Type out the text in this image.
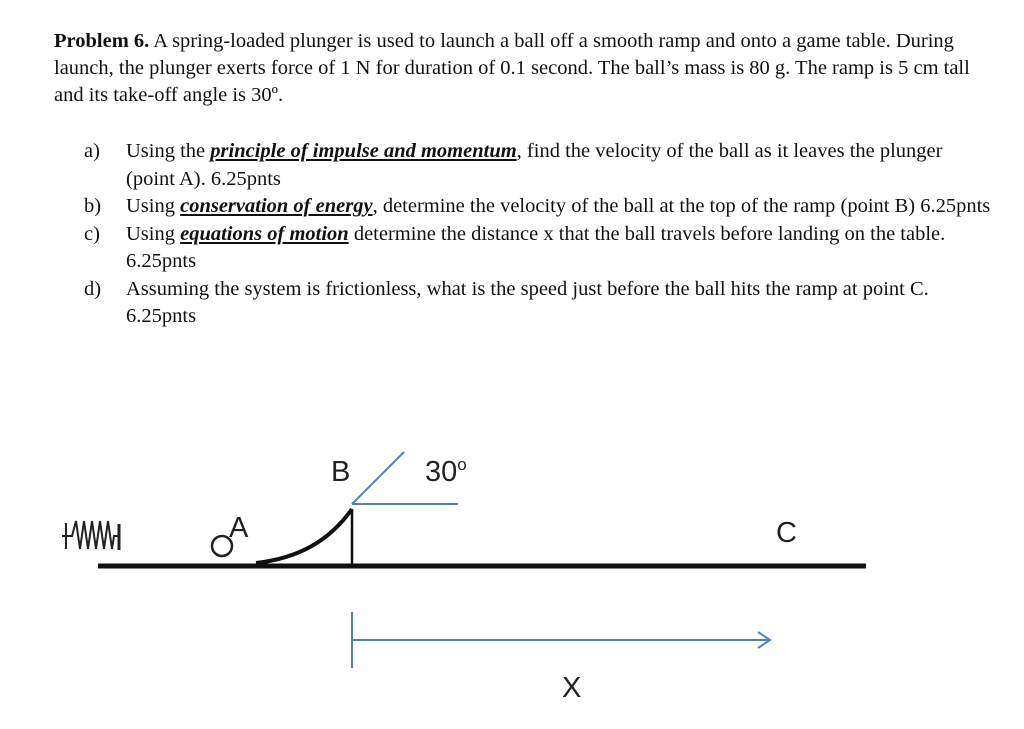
Problem 6. A spring-loaded plunger is used to launch a ball off a smooth ramp and onto a game table. During launch, the plunger exerts force of 1 N for duration of 0.1 second. The ball’s mass is 80 g. The ramp is 5 cm tall and its take-off angle is 30º.
a)	Using the principle of impulse and momentum, find the velocity of the ball as it leaves the plunger (point A). 6.25pnts
b)	Using conservation of energy, determine the velocity of the ball at the top of the ramp (point B) 6.25pnts
c)	Using equations of motion determine the distance x that the ball travels before landing on the table. 6.25pnts
d)	Assuming the system is frictionless, what is the speed just before the ball hits the ramp at point C. 6.25pnts
A
B	30$^o$
C
X
